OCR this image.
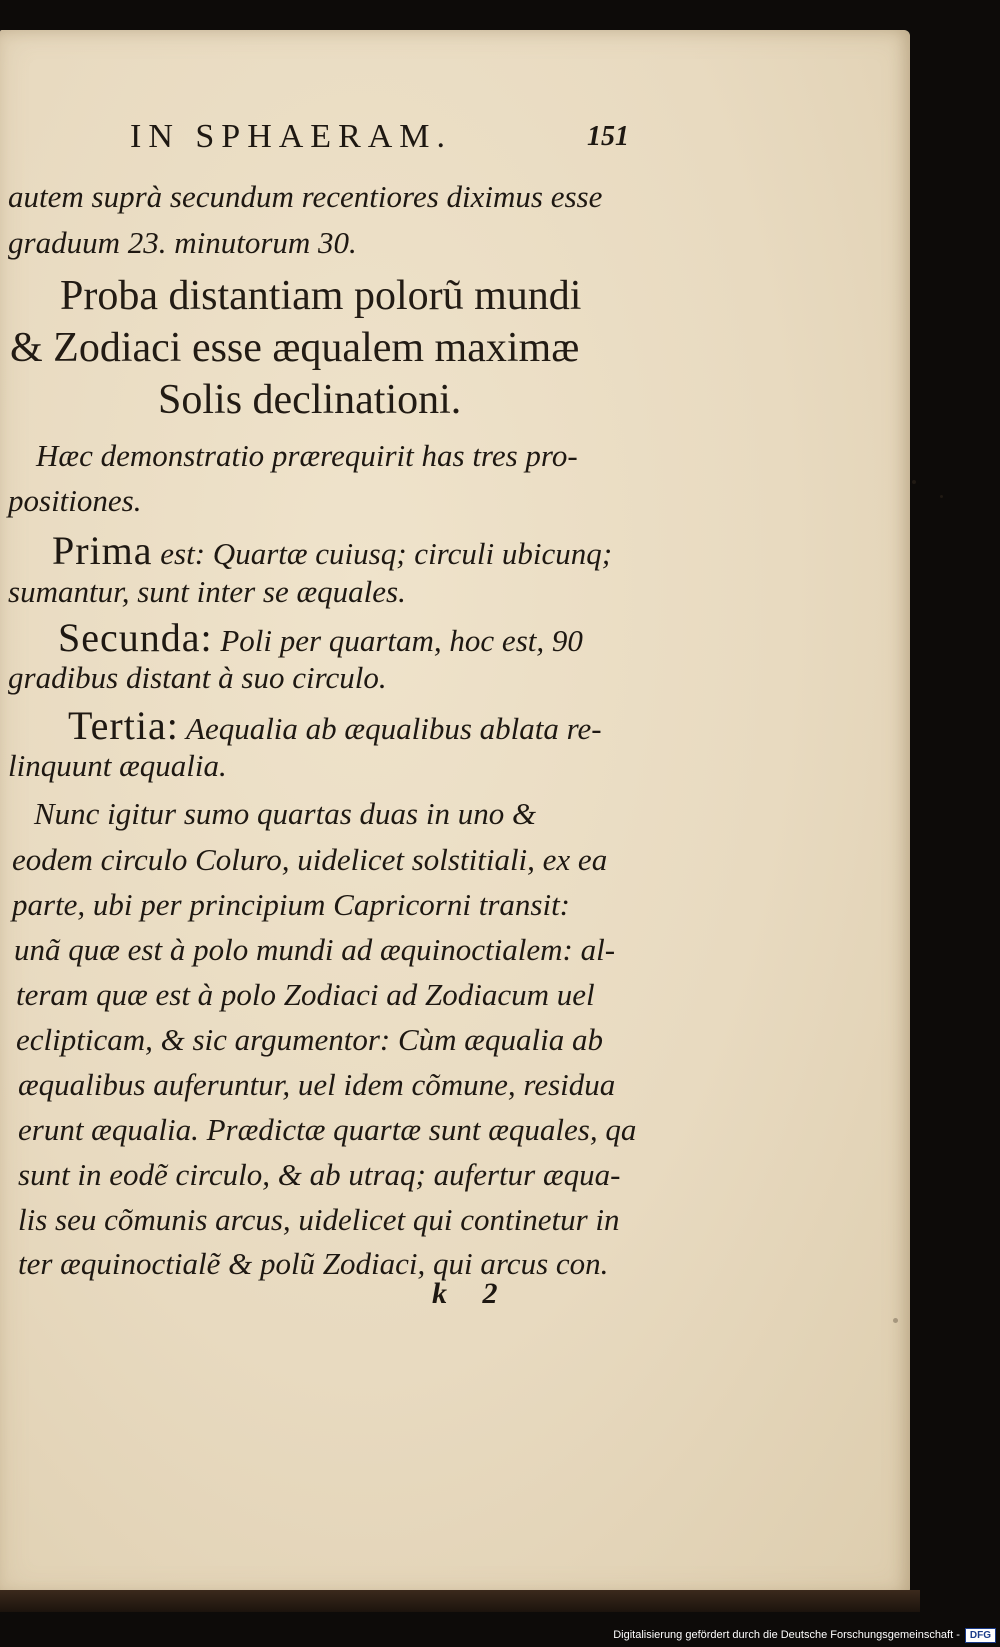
IN SPHAERAM.	151
autem suprà secundum recentiores diximus esse
graduum 23. minutorum 30.
Proba distantiam polorũ mundi
& Zodiaci esse æqualem maximæ
Solis declinationi.
Hæc demonstratio prærequirit has tres pro-
positiones.
Prima est: Quartæ cuiusq; circuli ubicunq;
sumantur, sunt inter se æquales.
Secunda: Poli per quartam, hoc est, 90
gradibus distant à suo circulo.
Tertia: Aequalia ab æqualibus ablata re-
linquunt æqualia.
Nunc igitur sumo quartas duas in uno &
eodem circulo Coluro, uidelicet solstitiali, ex ea
parte, ubi per principium Capricorni transit:
unã quæ est à polo mundi ad æquinoctialem: al-
teram quæ est à polo Zodiaci ad Zodiacum uel
eclipticam, & sic argumentor: Cùm æqualia ab
æqualibus auferuntur, uel idem cõmune, residua
erunt æqualia. Prædictæ quartæ sunt æquales, qa
sunt in eodẽ circulo, & ab utraq; aufertur æqua-
lis seu cõmunis arcus, uidelicet qui continetur in
ter æquinoctialẽ & polũ Zodiaci, qui arcus con.
k 2
Digitalisierung gefördert durch die Deutsche Forschungsgemeinschaft -	DFG
